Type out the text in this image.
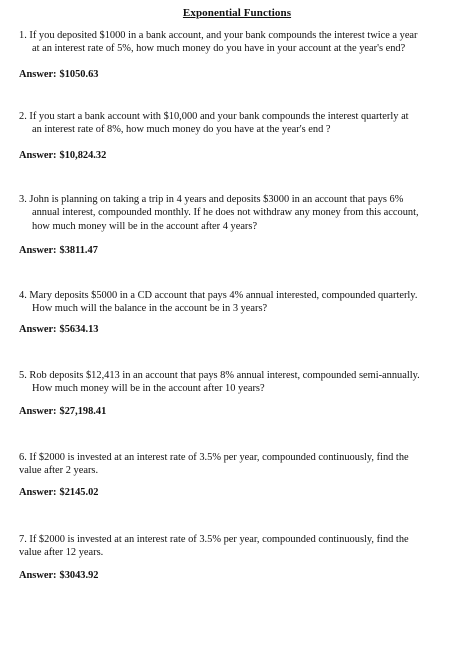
Exponential Functions
1. If you deposited $1000 in a bank account, and your bank compounds the interest twice a year
at an interest rate of 5%, how much money do you have in your account at the year's end?
Answer: $1050.63
2. If you start a bank account with $10,000 and your bank compounds the interest quarterly at
an interest rate of 8%, how much money do you have at the year's end ?
Answer: $10,824.32
3. John is planning on taking a trip in 4 years and deposits $3000 in an account that pays 6%
annual interest, compounded monthly. If he does not withdraw any money from this account,
how much money will be in the account after 4 years?
Answer: $3811.47
4. Mary deposits $5000 in a CD account that pays 4% annual interested, compounded quarterly.
How much will the balance in the account be in 3 years?
Answer: $5634.13
5. Rob deposits $12,413 in an account that pays 8% annual interest, compounded semi-annually.
How much money will be in the account after 10 years?
Answer: $27,198.41
6. If $2000 is invested at an interest rate of 3.5% per year, compounded continuously, find the
value after 2 years.
Answer: $2145.02
7. If $2000 is invested at an interest rate of 3.5% per year, compounded continuously, find the
value after 12 years.
Answer: $3043.92
